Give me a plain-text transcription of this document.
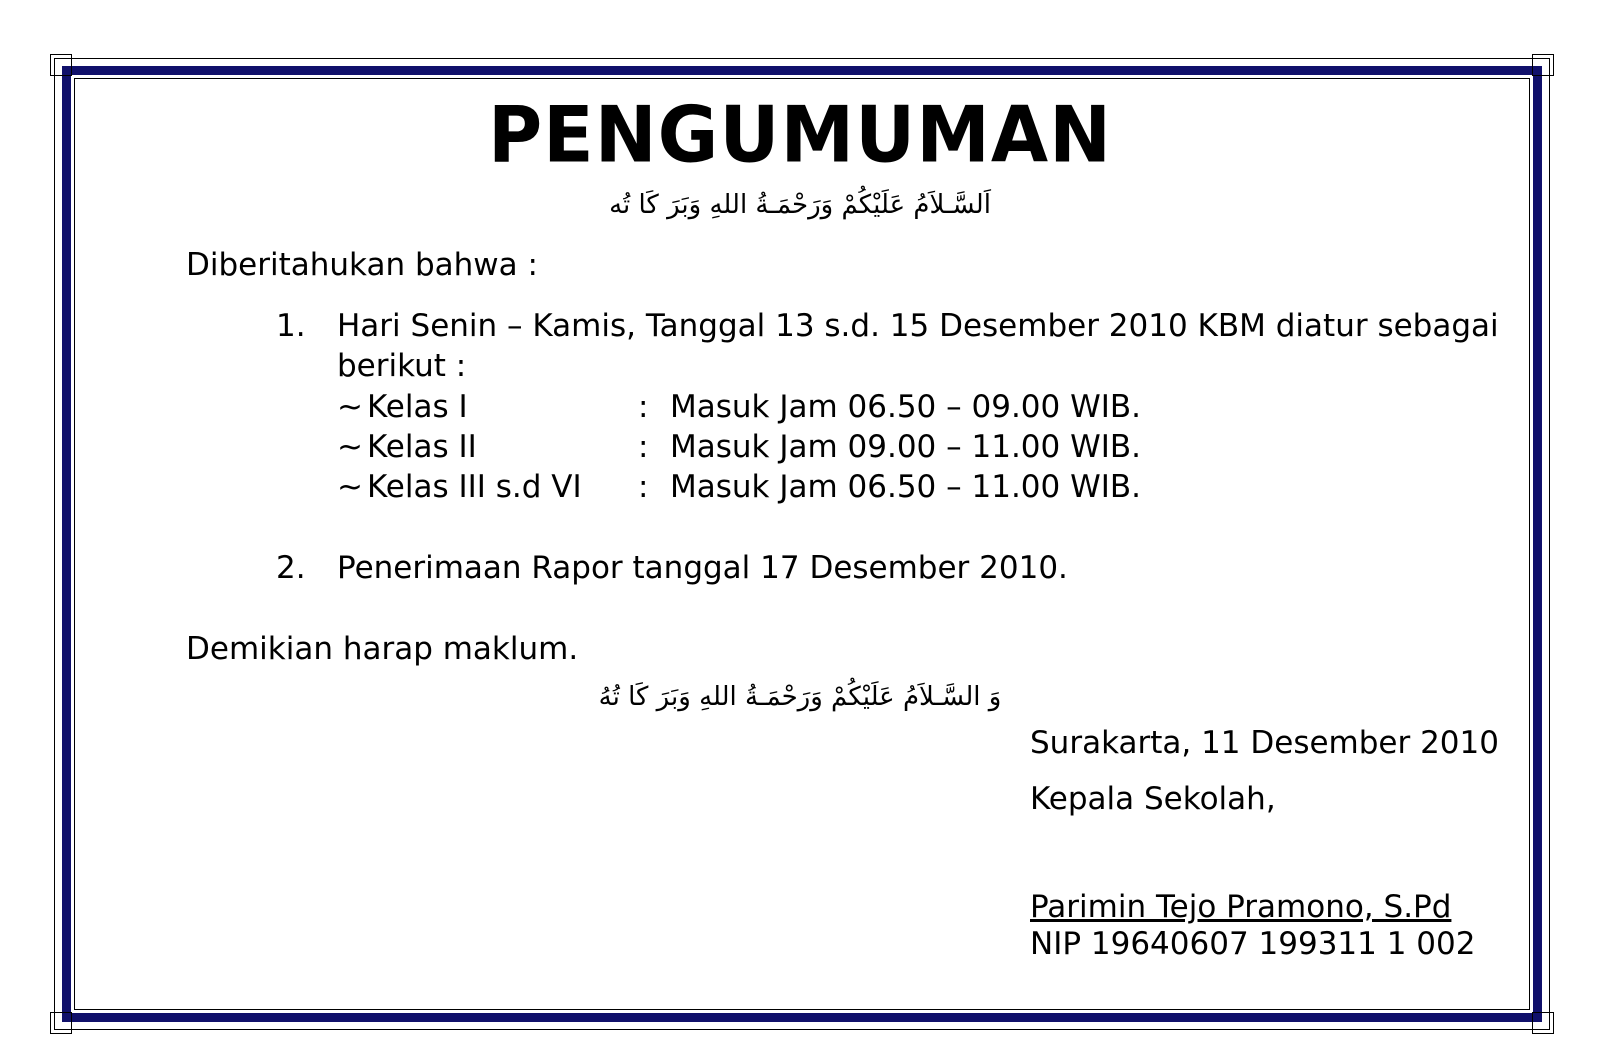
PENGUMUMAN
اَلسَّـلاَمُ عَلَيْكُمْ وَرَحْمَـةُ اللهِ وَبَرَ كَا تُه
Diberitahukan bahwa :
1. Hari Senin – Kamis, Tanggal 13 s.d. 15 Desember 2010 KBM diatur sebagai
berikut :
~ Kelas I	: Masuk Jam 06.50 – 09.00 WIB.
~ Kelas II	: Masuk Jam 09.00 – 11.00 WIB.
~ Kelas III s.d VI : Masuk Jam 06.50 – 11.00 WIB.
2. Penerimaan Rapor tanggal 17 Desember 2010.
Demikian harap maklum.
وَ السَّـلاَمُ عَلَيْكُمْ وَرَحْمَـةُ اللهِ وَبَرَ كَا تُهُ
Surakarta, 11 Desember 2010
Kepala Sekolah,
Parimin Tejo Pramono, S.Pd
NIP 19640607 199311 1 002
